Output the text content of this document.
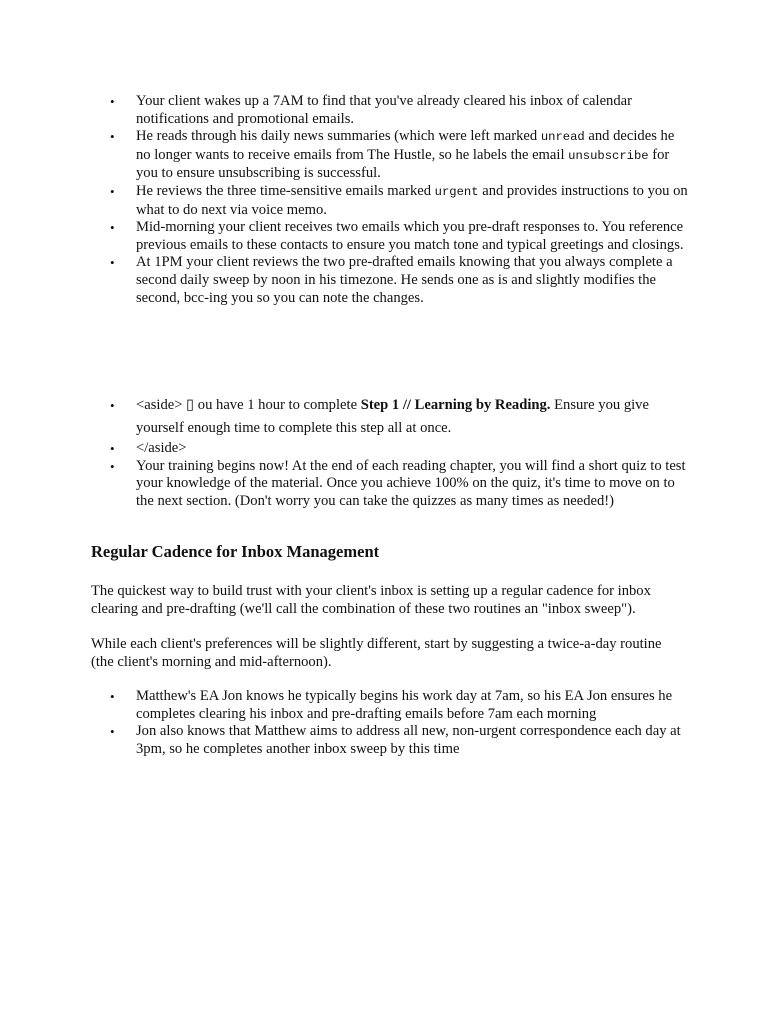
• Your client wakes up a 7AM to find that you've already cleared his inbox of calendar notifications and promotional emails.
• He reads through his daily news summaries (which were left marked unread and decides he no longer wants to receive emails from The Hustle, so he labels the email unsubscribe for you to ensure unsubscribing is successful.
• He reviews the three time-sensitive emails marked urgent and provides instructions to you on what to do next via voice memo.
• Mid-morning your client receives two emails which you pre-draft responses to. You reference previous emails to these contacts to ensure you match tone and typical greetings and closings.
• At 1PM your client reviews the two pre-drafted emails knowing that you always complete a second daily sweep by noon in his timezone. He sends one as is and slightly modifies the second, bcc-ing you so you can note the changes.
• <aside> ▯ ou have 1 hour to complete Step 1 // Learning by Reading. Ensure you give yourself enough time to complete this step all at once.
• </aside>
• Your training begins now! At the end of each reading chapter, you will find a short quiz to test your knowledge of the material. Once you achieve 100% on the quiz, it's time to move on to the next section. (Don't worry you can take the quizzes as many times as needed!)
Regular Cadence for Inbox Management

The quickest way to build trust with your client's inbox is setting up a regular cadence for inbox clearing and pre-drafting (we'll call the combination of these two routines an "inbox sweep").

While each client's preferences will be slightly different, start by suggesting a twice-a-day routine (the client's morning and mid-afternoon).

• Matthew's EA Jon knows he typically begins his work day at 7am, so his EA Jon ensures he completes clearing his inbox and pre-drafting emails before 7am each morning
• Jon also knows that Matthew aims to address all new, non-urgent correspondence each day at 3pm, so he completes another inbox sweep by this time
